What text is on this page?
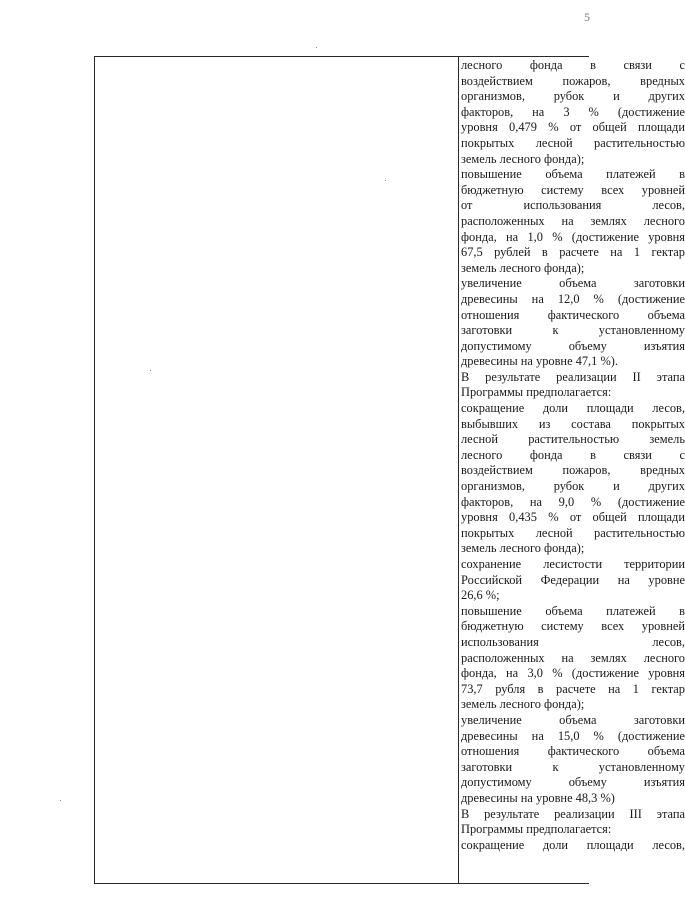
5
лесного фонда в связи с
воздействием пожаров, вредных
организмов, рубок и других
факторов, на 3 % (достижение
уровня 0,479 % от общей площади
покрытых лесной растительностью
земель лесного фонда);
повышение объема платежей в
бюджетную систему всех уровней
от использования лесов,
расположенных на землях лесного
фонда, на 1,0 % (достижение уровня
67,5 рублей в расчете на 1 гектар
земель лесного фонда);
увеличение объема заготовки
древесины на 12,0 % (достижение
отношения фактического объема
заготовки к установленному
допустимому объему изъятия
древесины на уровне 47,1 %).
В результате реализации II этапа
Программы предполагается:
сокращение доли площади лесов,
выбывших из состава покрытых
лесной растительностью земель
лесного фонда в связи с
воздействием пожаров, вредных
организмов, рубок и других
факторов, на 9,0 % (достижение
уровня 0,435 % от общей площади
покрытых лесной растительностью
земель лесного фонда);
сохранение лесистости территории
Российской Федерации на уровне
26,6 %;
повышение объема платежей в
бюджетную систему всех уровней
использования лесов,
расположенных на землях лесного
фонда, на 3,0 % (достижение уровня
73,7 рубля в расчете на 1 гектар
земель лесного фонда);
увеличение объема заготовки
древесины на 15,0 % (достижение
отношения фактического объема
заготовки к установленному
допустимому объему изъятия
древесины на уровне 48,3 %)
В результате реализации III этапа
Программы предполагается:
сокращение доли площади лесов,
